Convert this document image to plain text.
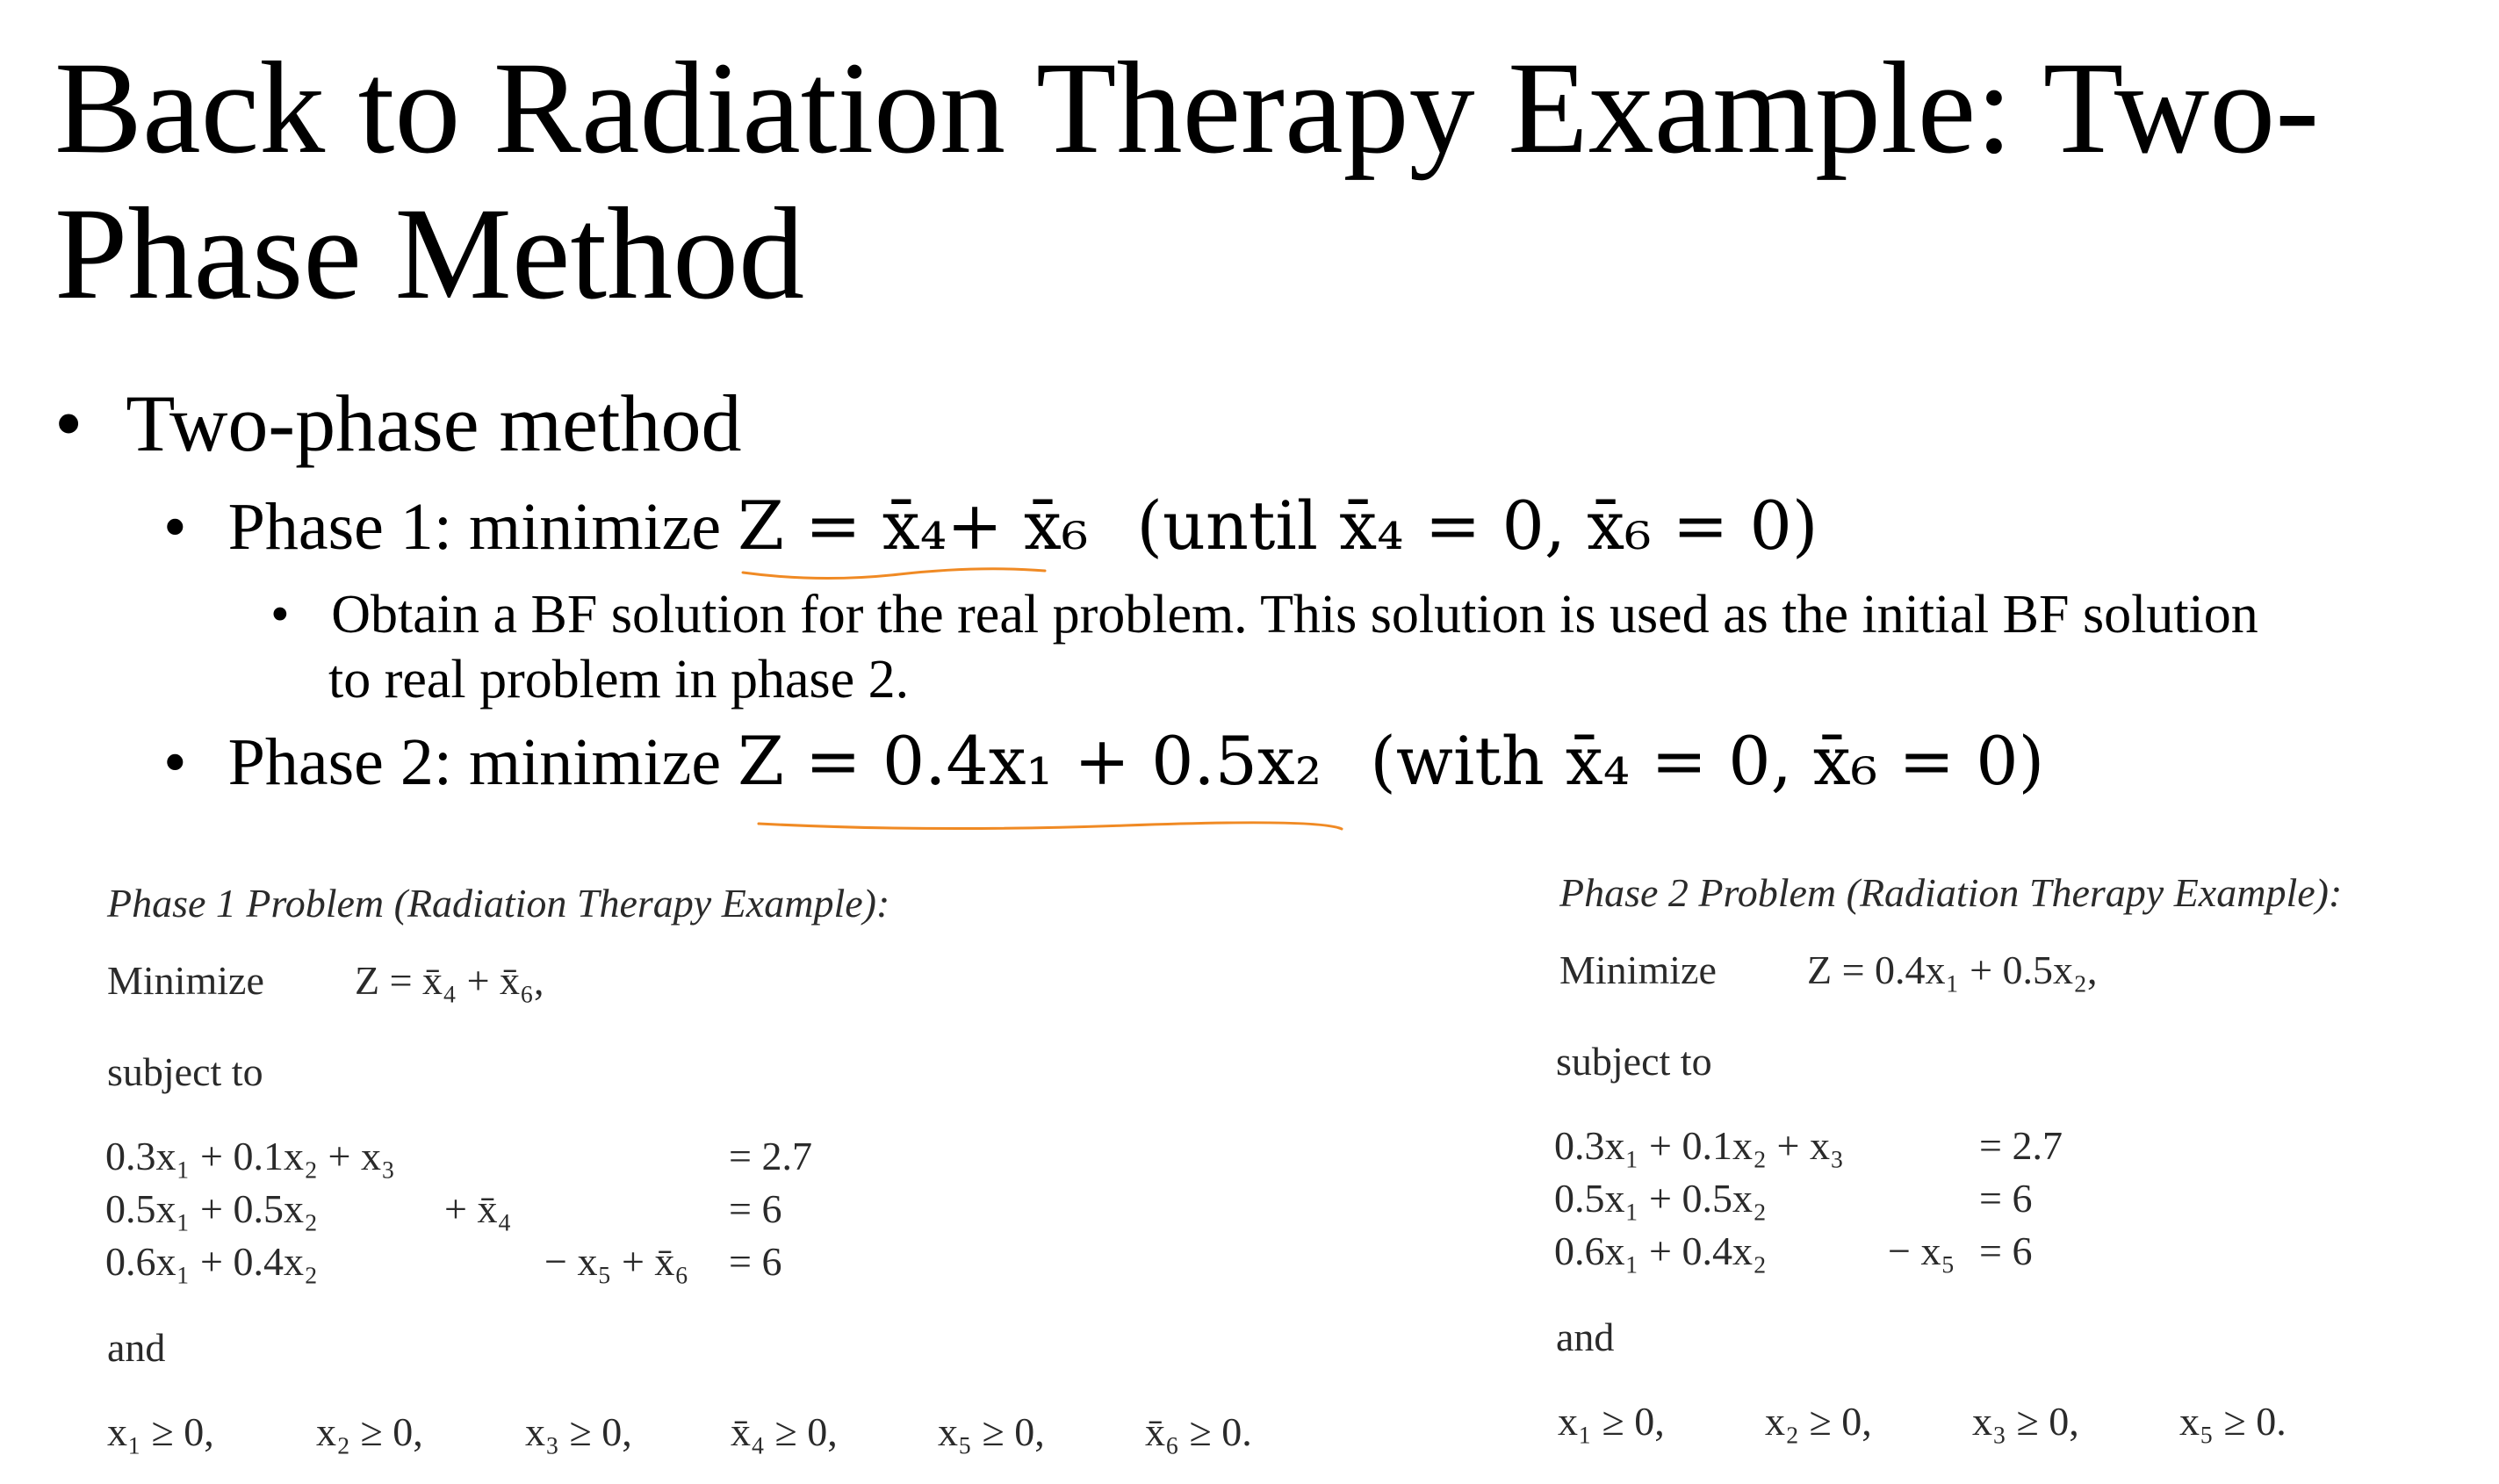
Back to Radiation Therapy Example: Two-Phase Method
• Two-phase method
• Phase 1: minimize Z = x̄₄+ x̄₆ (until x̄₄ = 0, x̄₆ = 0)
• Obtain a BF solution for the real problem. This solution is used as the initial BF solution
to real problem in phase 2.
• Phase 2: minimize Z = 0.4x₁ + 0.5x₂ (with x̄₄ = 0, x̄₆ = 0)
Phase 1 Problem (Radiation Therapy Example):
Minimize Z = x̄₄ + x̄₆,
subject to
0.3x₁ + 0.1x₂ + x₃	= 2.7
0.5x₁ + 0.5x₂	+ x̄₄	= 6
0.6x₁ + 0.4x₂	− x₅ + x̄₆ = 6
and
x₁ ≥ 0,	x₂ ≥ 0,	x₃ ≥ 0, x̄₄ ≥ 0, x₅ ≥ 0, x̄₆ ≥ 0.
Phase 2 Problem (Radiation Therapy Example):
Minimize Z = 0.4x₁ + 0.5x₂,
subject to
0.3x₁ + 0.1x₂ + x₃	= 2.7
0.5x₁ + 0.5x₂	= 6
0.6x₁ + 0.4x₂	− x₅ = 6
and
x₁ ≥ 0, x₂ ≥ 0, x₃ ≥ 0, x₅ ≥ 0.
